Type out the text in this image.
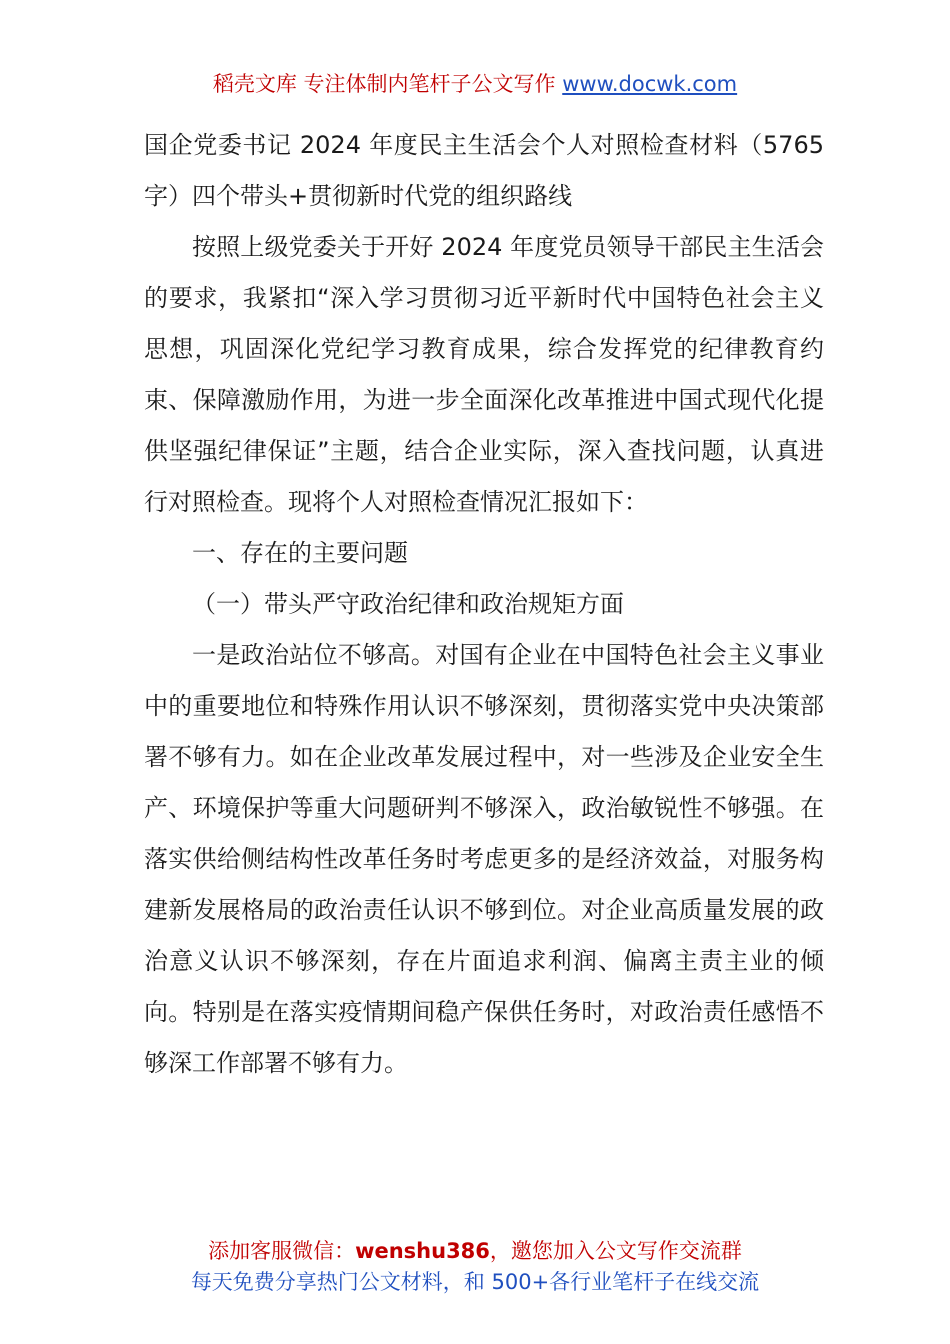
稻壳文库 专注体制内笔杆子公文写作 www.docwk.com

国企党委书记 2024 年度民主生活会个人对照检查材料（5765 字）四个带头+贯彻新时代党的组织路线

按照上级党委关于开好 2024 年度党员领导干部民主生活会的要求，我紧扣“深入学习贯彻习近平新时代中国特色社会主义思想，巩固深化党纪学习教育成果，综合发挥党的纪律教育约束、保障激励作用，为进一步全面深化改革推进中国式现代化提供坚强纪律保证”主题，结合企业实际，深入查找问题，认真进行对照检查。现将个人对照检查情况汇报如下：

一、存在的主要问题

（一）带头严守政治纪律和政治规矩方面

一是政治站位不够高。对国有企业在中国特色社会主义事业中的重要地位和特殊作用认识不够深刻，贯彻落实党中央决策部署不够有力。如在企业改革发展过程中，对一些涉及企业安全生产、环境保护等重大问题研判不够深入，政治敏锐性不够强。在落实供给侧结构性改革任务时考虑更多的是经济效益，对服务构建新发展格局的政治责任认识不够到位。对企业高质量发展的政治意义认识不够深刻，存在片面追求利润、偏离主责主业的倾向。特别是在落实疫情期间稳产保供任务时，对政治责任感悟不够深工作部署不够有力。

添加客服微信：wenshu386，邀您加入公文写作交流群
每天免费分享热门公文材料，和 500+各行业笔杆子在线交流
